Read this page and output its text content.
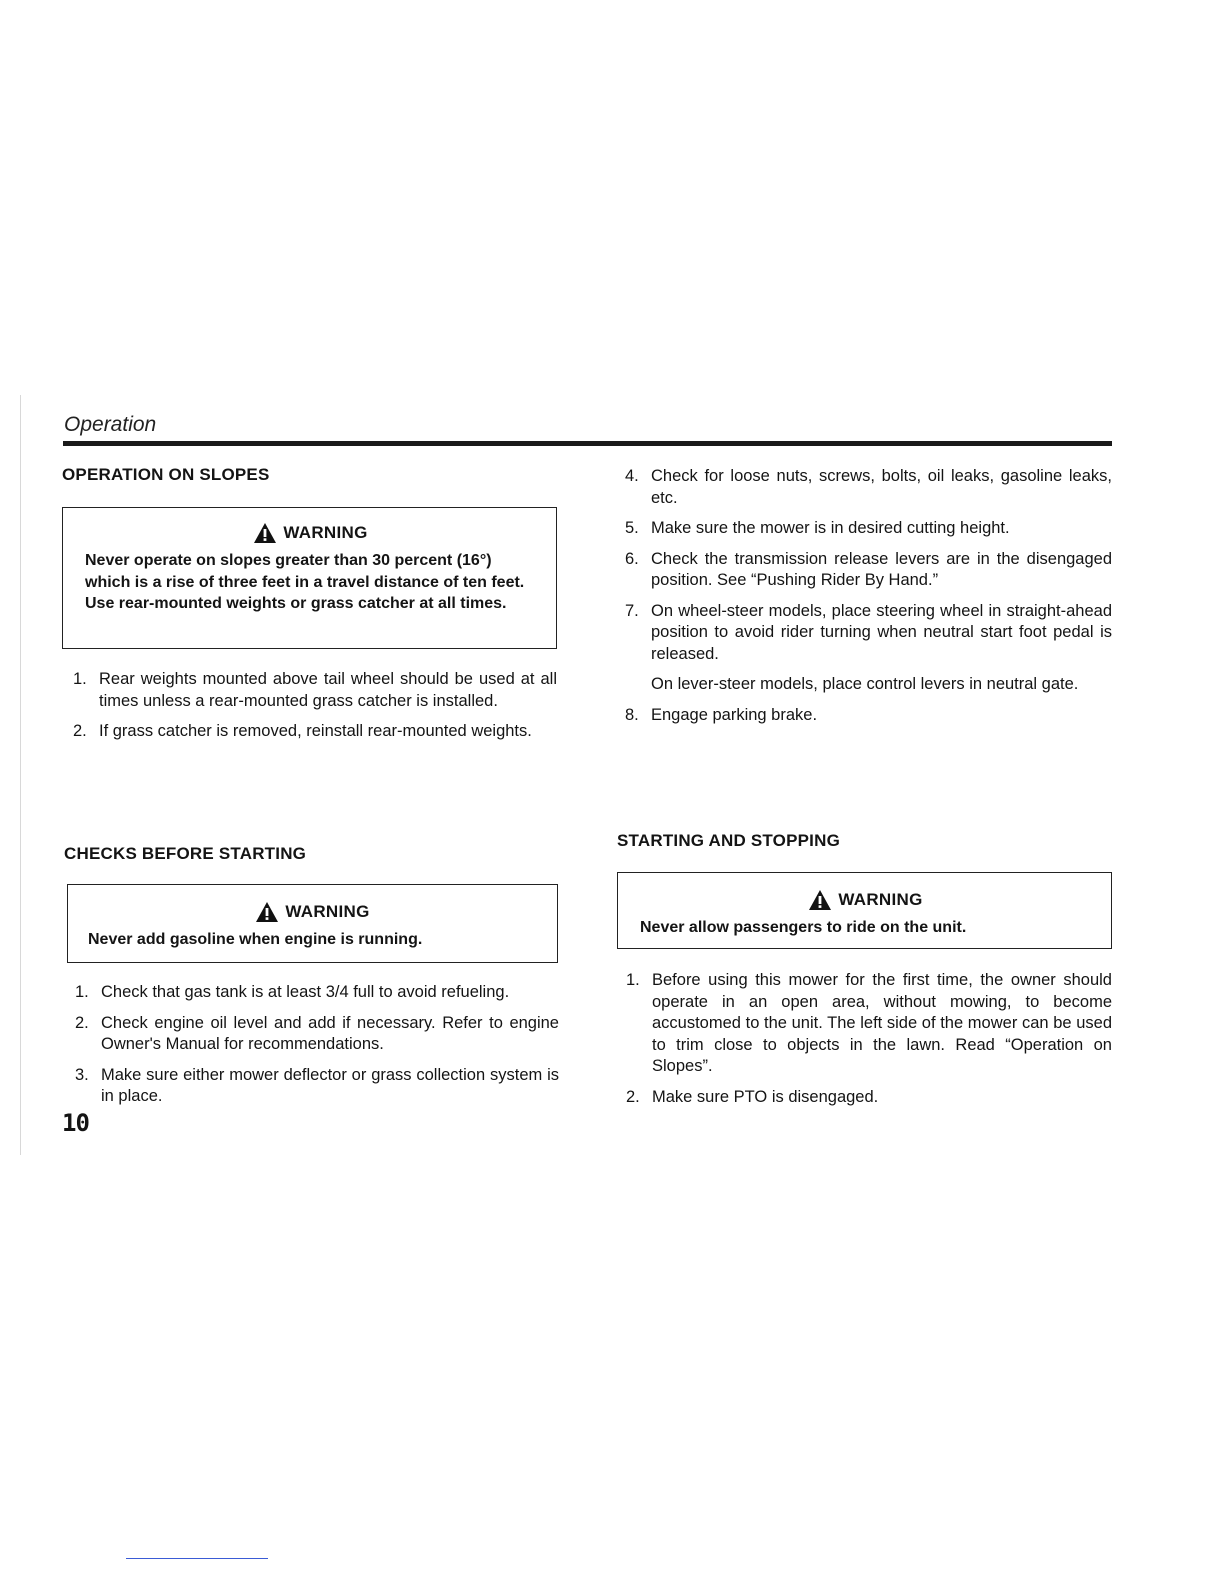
Operation
OPERATION ON SLOPES
WARNING

Never operate on slopes greater than 30 percent (16°) which is a rise of three feet in a travel distance of ten feet. Use rear-mounted weights or grass catcher at all times.

1. Rear weights mounted above tail wheel should be used at all times unless a rear-mounted grass catcher is installed.
2. If grass catcher is removed, reinstall rear-mounted weights.
CHECKS BEFORE STARTING
WARNING

Never add gasoline when engine is running.

1. Check that gas tank is at least 3/4 full to avoid refueling.
2. Check engine oil level and add if necessary. Refer to engine Owner's Manual for recommendations.
3. Make sure either mower deflector or grass collection system is in place.
10
4. Check for loose nuts, screws, bolts, oil leaks, gasoline leaks, etc.
5. Make sure the mower is in desired cutting height.
6. Check the transmission release levers are in the disengaged position. See “Pushing Rider By Hand.”
7. On wheel-steer models, place steering wheel in straight-ahead position to avoid rider turning when neutral start foot pedal is released.

On lever-steer models, place control levers in neutral gate.

8. Engage parking brake.
STARTING AND STOPPING
WARNING

Never allow passengers to ride on the unit.

1. Before using this mower for the first time, the owner should operate in an open area, without mowing, to become accustomed to the unit. The left side of the mower can be used to trim close to objects in the lawn. Read “Operation on Slopes”.
2. Make sure PTO is disengaged.
